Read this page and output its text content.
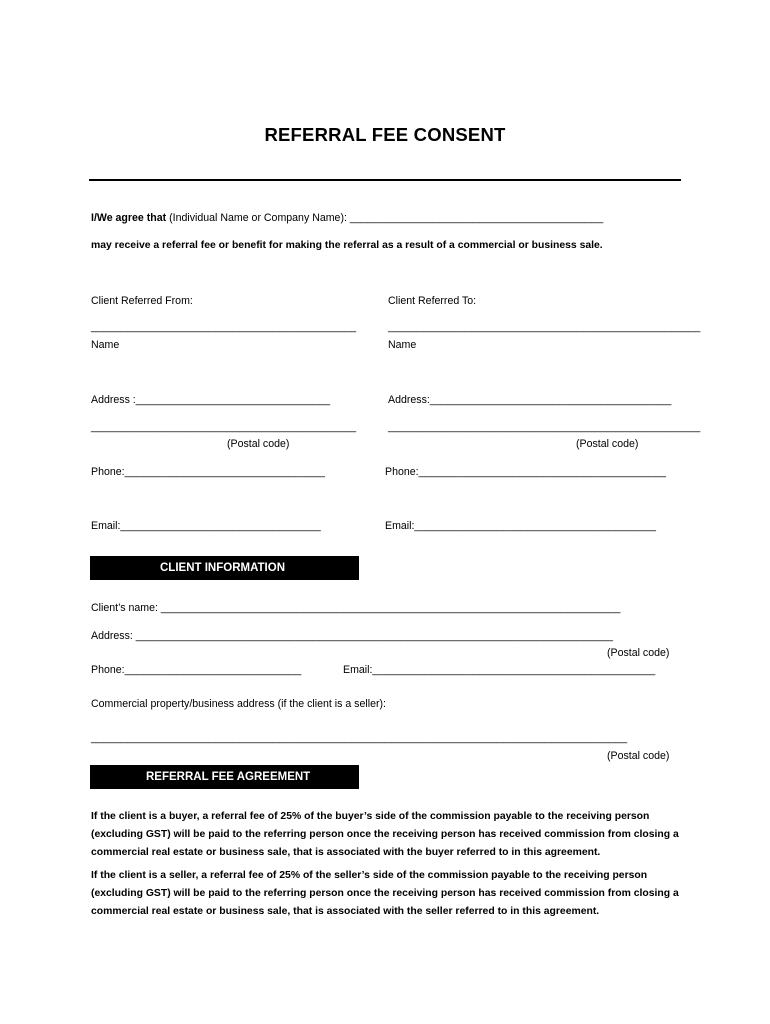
REFERRAL FEE CONSENT
I/We agree that (Individual Name or Company Name): ___________________________________________
may receive a referral fee or benefit for making the referral as a result of a commercial or business sale.
Client Referred From:
_____________________________________________
Name
Address :_________________________________
_____________________________________________
(Postal code)
Phone:__________________________________
Email:__________________________________
Client Referred To:
_____________________________________________________
Name
Address:_________________________________________
_____________________________________________________
(Postal code)
Phone:__________________________________________
Email:_________________________________________
CLIENT INFORMATION
Client’s name: ______________________________________________________________________________
Address: _________________________________________________________________________________
(Postal code)
Phone:______________________________	Email:________________________________________________
Commercial property/business address (if the client is a seller):
___________________________________________________________________________________________
(Postal code)
REFERRAL FEE AGREEMENT
If the client is a buyer, a referral fee of 25% of the buyer’s side of the commission payable to the receiving person (excluding GST) will be paid to the referring person once the receiving person has received commission from closing a commercial real estate or business sale, that is associated with the buyer referred to in this agreement.
If the client is a seller, a referral fee of 25% of the seller’s side of the commission payable to the receiving person (excluding GST) will be paid to the referring person once the receiving person has received commission from closing a commercial real estate or business sale, that is associated with the seller referred to in this agreement.
